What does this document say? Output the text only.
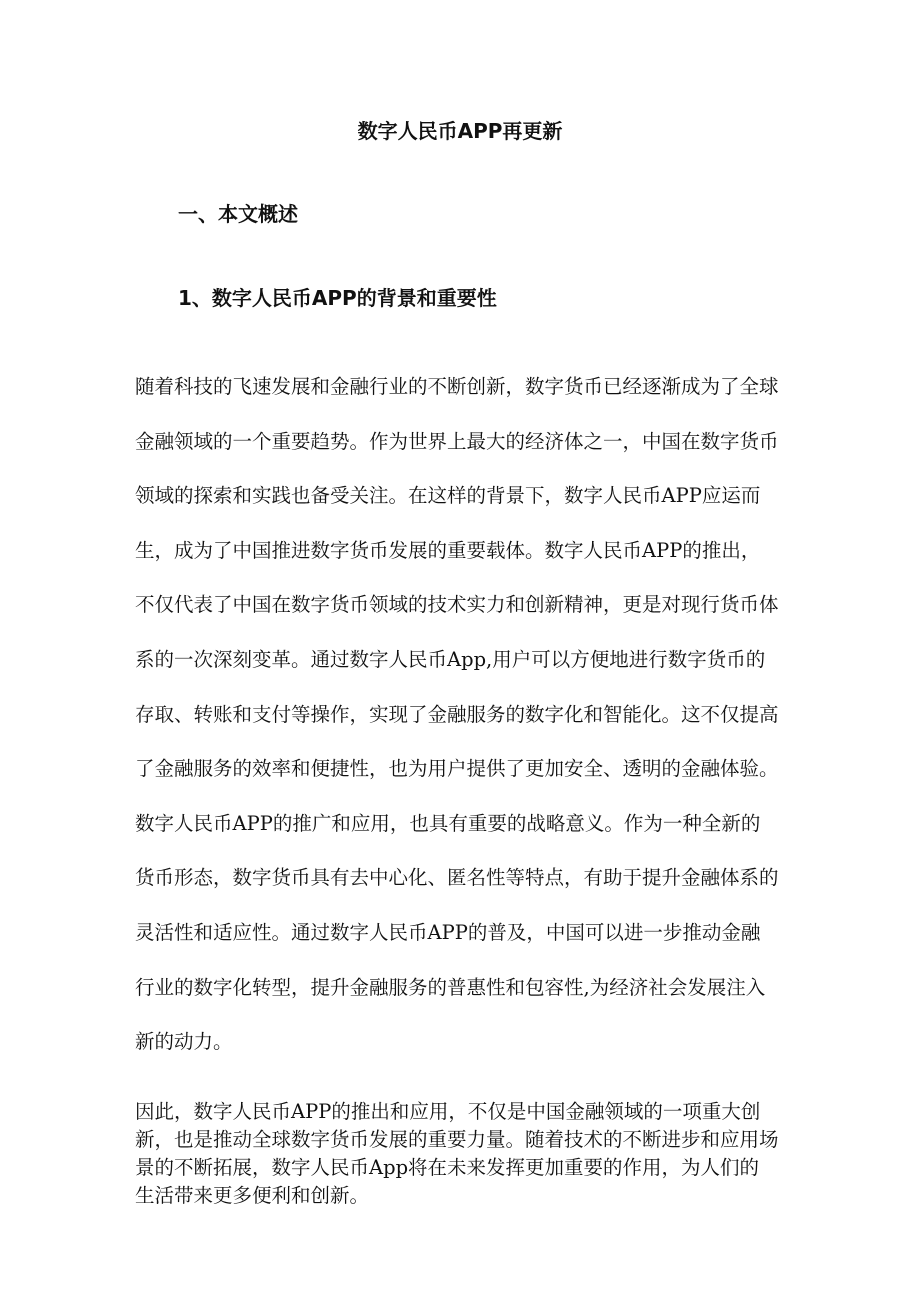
数字人民币APP再更新
一、本文概述
1、数字人民币APP的背景和重要性
随着科技的飞速发展和金融行业的不断创新，数字货币已经逐渐成为了全球
金融领域的一个重要趋势。作为世界上最大的经济体之一，中国在数字货币
领域的探索和实践也备受关注。在这样的背景下，数字人民币APP应运而
生，成为了中国推进数字货币发展的重要载体。数字人民币APP的推出，
不仅代表了中国在数字货币领域的技术实力和创新精神，更是对现行货币体
系的一次深刻变革。通过数字人民币App,用户可以方便地进行数字货币的
存取、转账和支付等操作，实现了金融服务的数字化和智能化。这不仅提高
了金融服务的效率和便捷性，也为用户提供了更加安全、透明的金融体验。
数字人民币APP的推广和应用，也具有重要的战略意义。作为一种全新的
货币形态，数字货币具有去中心化、匿名性等特点，有助于提升金融体系的
灵活性和适应性。通过数字人民币APP的普及，中国可以进一步推动金融
行业的数字化转型，提升金融服务的普惠性和包容性,为经济社会发展注入
新的动力。
因此，数字人民币APP的推出和应用，不仅是中国金融领域的一项重大创
新，也是推动全球数字货币发展的重要力量。随着技术的不断进步和应用场
景的不断拓展，数字人民币App将在未来发挥更加重要的作用，为人们的
生活带来更多便利和创新。
